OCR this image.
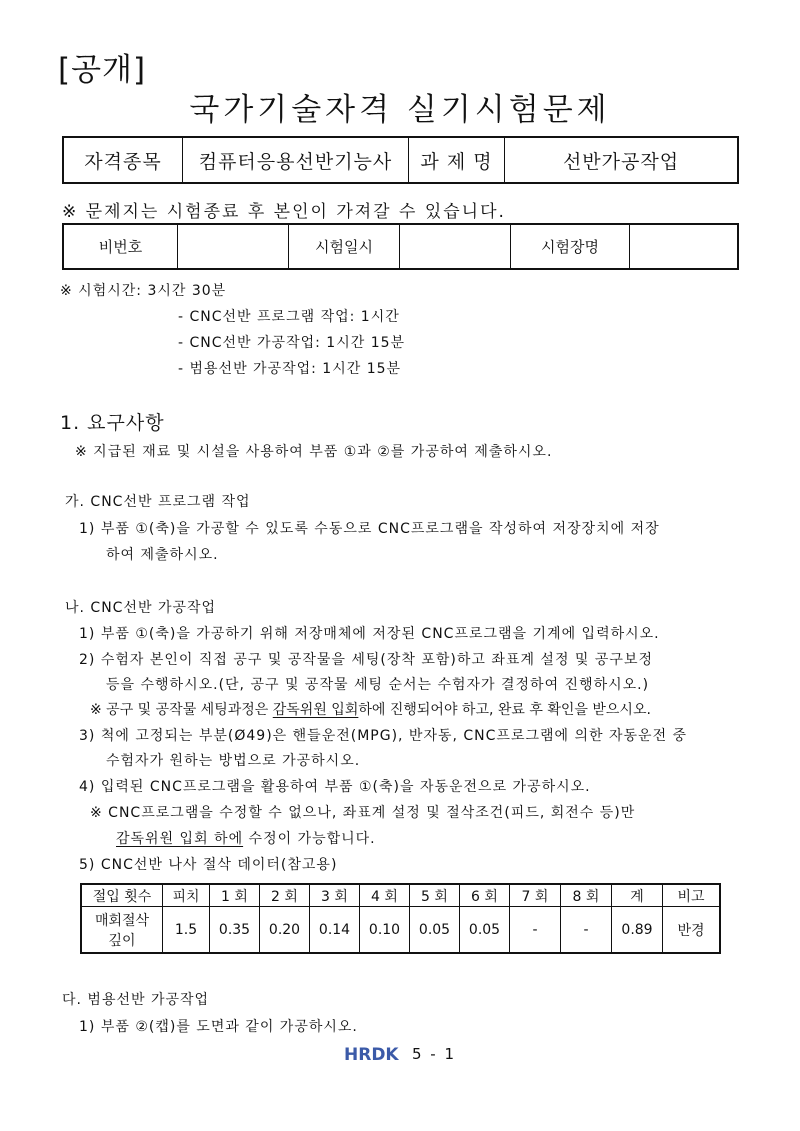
[공개]
국가기술자격 실기시험문제
자격종목	컴퓨터응용선반기능사	과 제 명	선반가공작업
※ 문제지는 시험종료 후 본인이 가져갈 수 있습니다.
비번호		시험일시		시험장명	
※ 시험시간: 3시간 30분
- CNC선반 프로그램 작업: 1시간
- CNC선반 가공작업: 1시간 15분
- 범용선반 가공작업: 1시간 15분
1. 요구사항
※ 지급된 재료 및 시설을 사용하여 부품 ①과 ②를 가공하여 제출하시오.
가. CNC선반 프로그램 작업
1) 부품 ①(축)을 가공할 수 있도록 수동으로 CNC프로그램을 작성하여 저장장치에 저장
하여 제출하시오.
나. CNC선반 가공작업
1) 부품 ①(축)을 가공하기 위해 저장매체에 저장된 CNC프로그램을 기계에 입력하시오.
2) 수험자 본인이 직접 공구 및 공작물을 세팅(장착 포함)하고 좌표계 설정 및 공구보정
등을 수행하시오.(단, 공구 및 공작물 세팅 순서는 수험자가 결정하여 진행하시오.)
※ 공구 및 공작물 세팅과정은 감독위원 입회하에 진행되어야 하고, 완료 후 확인을 받으시오.
3) 척에 고정되는 부분(Ø49)은 핸들운전(MPG), 반자동, CNC프로그램에 의한 자동운전 중
수험자가 원하는 방법으로 가공하시오.
4) 입력된 CNC프로그램을 활용하여 부품 ①(축)을 자동운전으로 가공하시오.
※ CNC프로그램을 수정할 수 없으나, 좌표계 설정 및 절삭조건(피드, 회전수 등)만
감독위원 입회 하에 수정이 가능합니다.
5) CNC선반 나사 절삭 데이터(참고용)
절입 횟수	피치	1 회	2 회	3 회	4 회	5 회	6 회	7 회	8 회	계	비고

매회절삭
깊이	1.5	0.35	0.20	0.14	0.10	0.05	0.05	-	-	0.89	반경
다. 범용선반 가공작업
1) 부품 ②(캡)를 도면과 같이 가공하시오.
HRDK 5 - 1
